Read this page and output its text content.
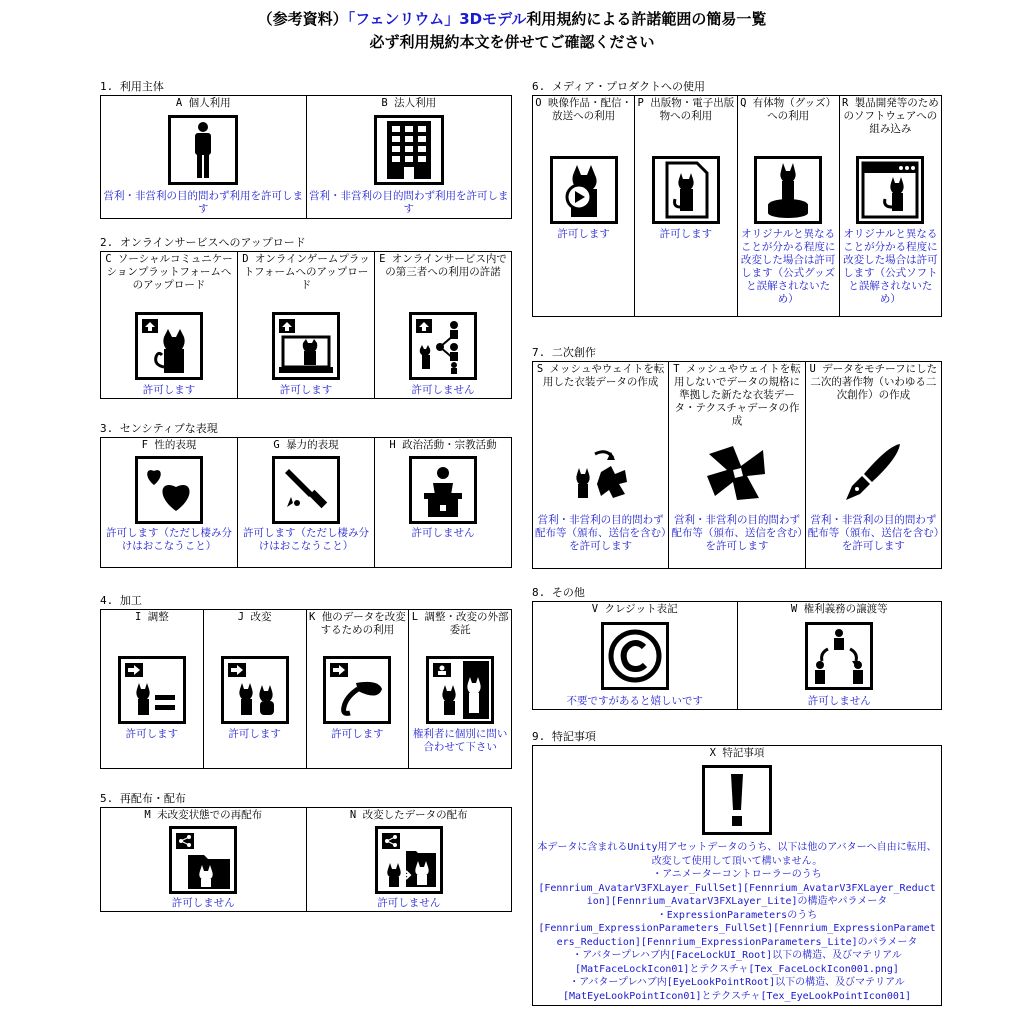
（参考資料）「フェンリウム」3Dモデル利用規約による許諾範囲の簡易一覧
必ず利用規約本文を併せてご確認ください
1. 利用主体
A 個人利用
営利・非営利の目的問わず利用を許可します

B 法人利用
営利・非営利の目的問わず利用を許可します
2. オンラインサービスへのアップロード
C ソーシャルコミュニケーションプラットフォームへのアップロード
許可します

D オンラインゲームプラットフォームへのアップロード
許可します

E オンラインサービス内での第三者への利用の許諾
許可しません
3. センシティブな表現
F 性的表現
許可します（ただし棲み分けはおこなうこと）

G 暴力的表現
許可します（ただし棲み分けはおこなうこと）

H 政治活動・宗教活動
許可しません
4. 加工
I 調整
許可します

J 改変
許可します

K 他のデータを改変するための利用
許可します

L 調整・改変の外部委託
権利者に個別に問い合わせて下さい
5. 再配布・配布
M 未改変状態での再配布
許可しません

N 改変したデータの配布
許可しません
6. メディア・プロダクトへの使用
O 映像作品・配信・放送への利用
許可します

P 出版物・電子出版物への利用
許可します

Q 有体物（グッズ）への利用
オリジナルと異なることが分かる程度に改変した場合は許可します（公式グッズと誤解されないため）

R 製品開発等のためのソフトウェアへの組み込み
オリジナルと異なることが分かる程度に改変した場合は許可します（公式ソフトと誤解されないため）
7. 二次創作
S メッシュやウェイトを転用した衣装データの作成
営利・非営利の目的問わず配布等（頒布、送信を含む）を許可します

T メッシュやウェイトを転用しないでデータの規格に準拠した新たな衣装データ・テクスチャデータの作成
営利・非営利の目的問わず配布等（頒布、送信を含む）を許可します

U データをモチーフにした二次的著作物（いわゆる二次創作）の作成
営利・非営利の目的問わず配布等（頒布、送信を含む）を許可します
8. その他
V クレジット表記
不要ですがあると嬉しいです

W 権利義務の譲渡等
許可しません
9. 特記事項
X 特記事項
本データに含まれるUnity用アセットデータのうち、以下は他のアバターへ自由に転用、改変して使用して頂いて構いません。
・アニメーターコントローラーのうち
[Fennrium_AvatarV3FXLayer_FullSet][Fennrium_AvatarV3FXLayer_Reduction][Fennrium_AvatarV3FXLayer_Lite]の構造やパラメータ
・ExpressionParametersのうち
[Fennrium_ExpressionParameters_FullSet][Fennrium_ExpressionParameters_Reduction][Fennrium_ExpressionParameters_Lite]のパラメータ
・アバタープレハブ内[FaceLockUI_Root]以下の構造、及びマテリアル[MatFaceLockIcon01]とテクスチャ[Tex_FaceLockIcon001.png]
・アバタープレハブ内[EyeLookPointRoot]以下の構造、及びマテリアル[MatEyeLookPointIcon01]とテクスチャ[Tex_EyeLookPointIcon001]
